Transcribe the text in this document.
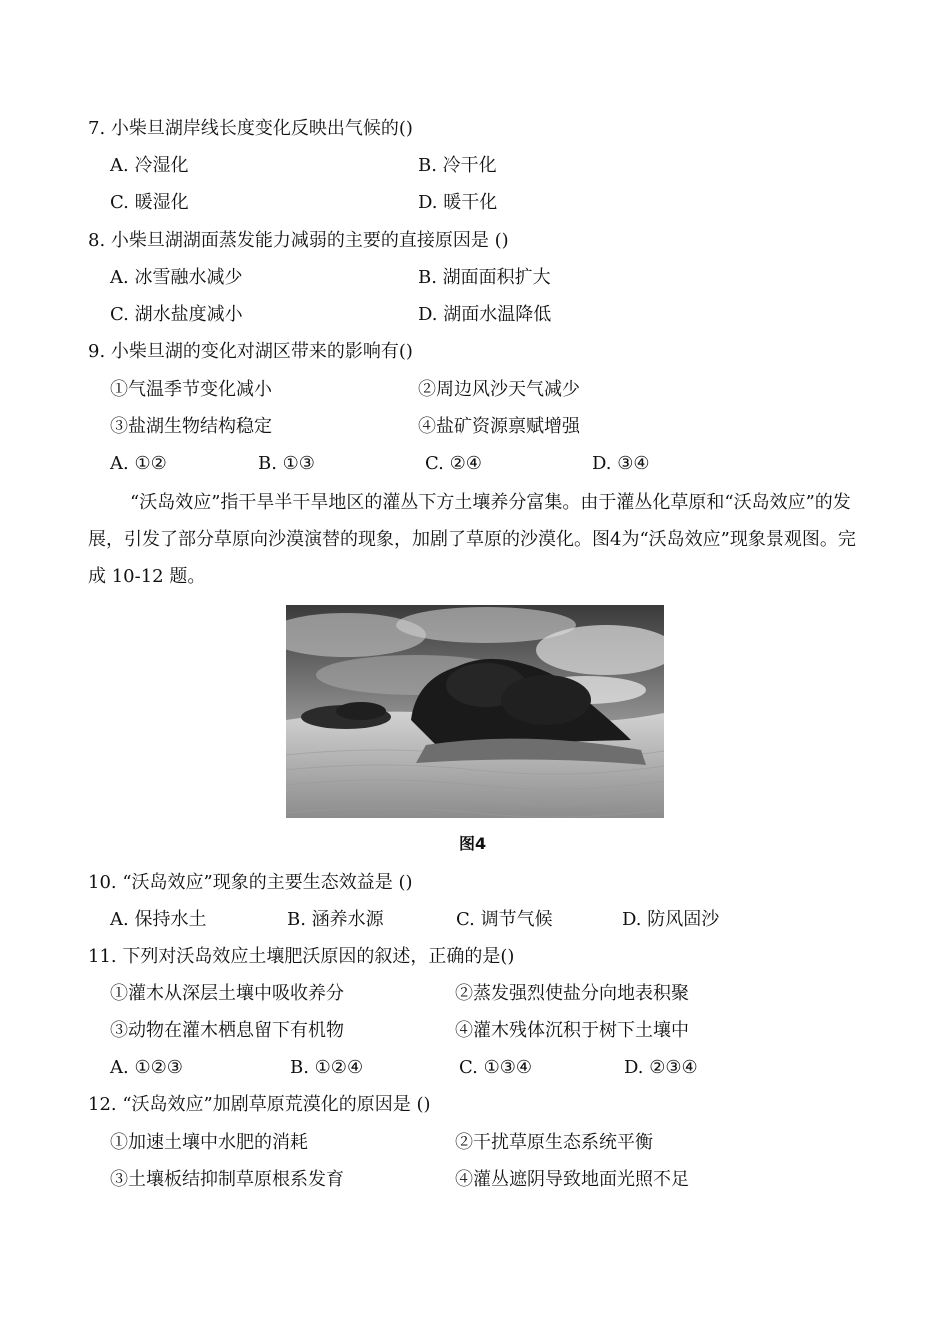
7. 小柴旦湖岸线长度变化反映出气候的()
A. 冷湿化	B. 冷干化
C. 暖湿化	D. 暖干化
8. 小柴旦湖湖面蒸发能力减弱的主要的直接原因是 ()
A. 冰雪融水减少	B. 湖面面积扩大
C. 湖水盐度减小	D. 湖面水温降低
9. 小柴旦湖的变化对湖区带来的影响有()
①气温季节变化减小	②周边风沙天气减少
③盐湖生物结构稳定	④盐矿资源禀赋增强
A. ①②	B. ①③	C. ②④	D. ③④
“沃岛效应”指干旱半干旱地区的灌丛下方土壤养分富集。由于灌丛化草原和“沃岛效应”的发展，引发了部分草原向沙漠演替的现象，加剧了草原的沙漠化。图4为“沃岛效应”现象景观图。完成 10-12 题。
图4
10. “沃岛效应”现象的主要生态效益是 ()
A. 保持水土	B. 涵养水源	C. 调节气候	D. 防风固沙
11. 下列对沃岛效应土壤肥沃原因的叙述，正确的是()
①灌木从深层土壤中吸收养分	②蒸发强烈使盐分向地表积聚
③动物在灌木栖息留下有机物	④灌木残体沉积于树下土壤中
A. ①②③	B. ①②④	C. ①③④	D. ②③④
12. “沃岛效应”加剧草原荒漠化的原因是 ()
①加速土壤中水肥的消耗	②干扰草原生态系统平衡
③土壤板结抑制草原根系发育	④灌丛遮阴导致地面光照不足
